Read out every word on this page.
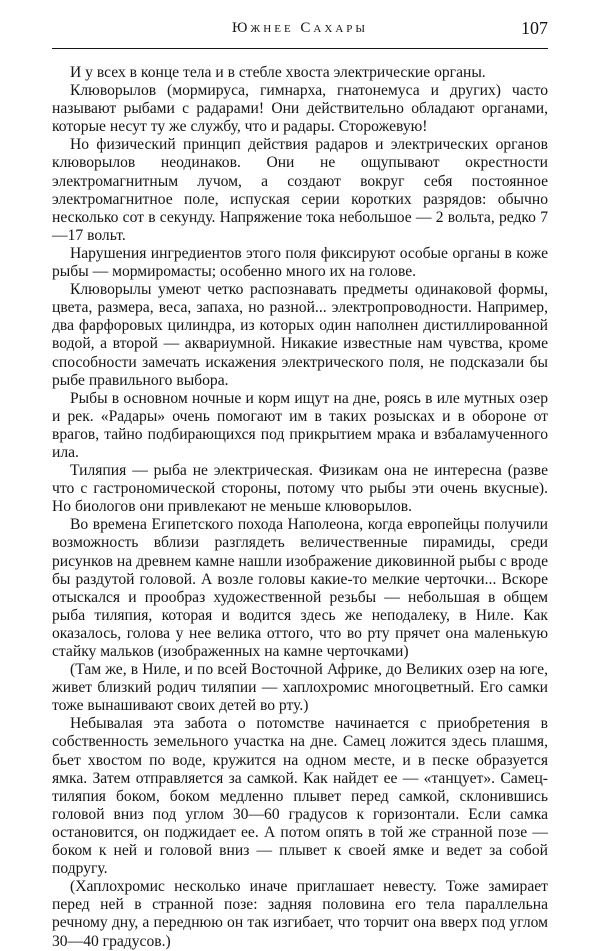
Южнее Сахары	107

И у всех в конце тела и в стебле хвоста электрические органы.

Клюворылов (мормируса, гимнарха, гнатонемуса и других) часто называют рыбами с радарами! Они действительно обладают органами, которые несут ту же службу, что и радары. Сторожевую!

Но физический принцип действия радаров и электрических органов клюворылов неодинаков. Они не ощупывают окрестности электромагнитным лучом, а создают вокруг себя постоянное электромагнитное поле, испуская серии коротких разрядов: обычно несколько сот в секунду. Напряжение тока небольшое — 2 вольта, редко 7—17 вольт.

Нарушения ингредиентов этого поля фиксируют особые органы в коже рыбы — мормиромасты; особенно много их на голове.

Клюворылы умеют четко распознавать предметы одинаковой формы, цвета, размера, веса, запаха, но разной... электропроводности. Например, два фарфоровых цилиндра, из которых один наполнен дистиллированной водой, а второй — аквариумной. Никакие известные нам чувства, кроме способности замечать искажения электрического поля, не подсказали бы рыбе правильного выбора.

Рыбы в основном ночные и корм ищут на дне, роясь в иле мутных озер и рек. «Радары» очень помогают им в таких розысках и в обороне от врагов, тайно подбирающихся под прикрытием мрака и взбаламученного ила.

Тиляпия — рыба не электрическая. Физикам она не интересна (разве что с гастрономической стороны, потому что рыбы эти очень вкусные). Но биологов они привлекают не меньше клюворылов.

Во времена Египетского похода Наполеона, когда европейцы получили возможность вблизи разглядеть величественные пирамиды, среди рисунков на древнем камне нашли изображение диковинной рыбы с вроде бы раздутой головой. А возле головы какие-то мелкие черточки... Вскоре отыскался и прообраз художественной резьбы — небольшая в общем рыба тиляпия, которая и водится здесь же неподалеку, в Ниле. Как оказалось, голова у нее велика оттого, что во рту прячет она маленькую стайку мальков (изображенных на камне черточками)

(Там же, в Ниле, и по всей Восточной Африке, до Великих озер на юге, живет близкий родич тиляпии — хаплохромис многоцветный. Его самки тоже вынашивают своих детей во рту.)

Небывалая эта забота о потомстве начинается с приобретения в собственность земельного участка на дне. Самец ложится здесь плашмя, бьет хвостом по воде, кружится на одном месте, и в песке образуется ямка. Затем отправляется за самкой. Как найдет ее — «танцует». Самец-тиляпия боком, боком медленно плывет перед самкой, склонившись головой вниз под углом 30—60 градусов к горизонтали. Если самка остановится, он поджидает ее. А потом опять в той же странной позе — боком к ней и головой вниз — плывет к своей ямке и ведет за собой подругу.

(Хаплохромис несколько иначе приглашает невесту. Тоже замирает перед ней в странной позе: задняя половина его тела параллельна речному дну, а переднюю он так изгибает, что торчит она вверх под углом 30—40 градусов.)
